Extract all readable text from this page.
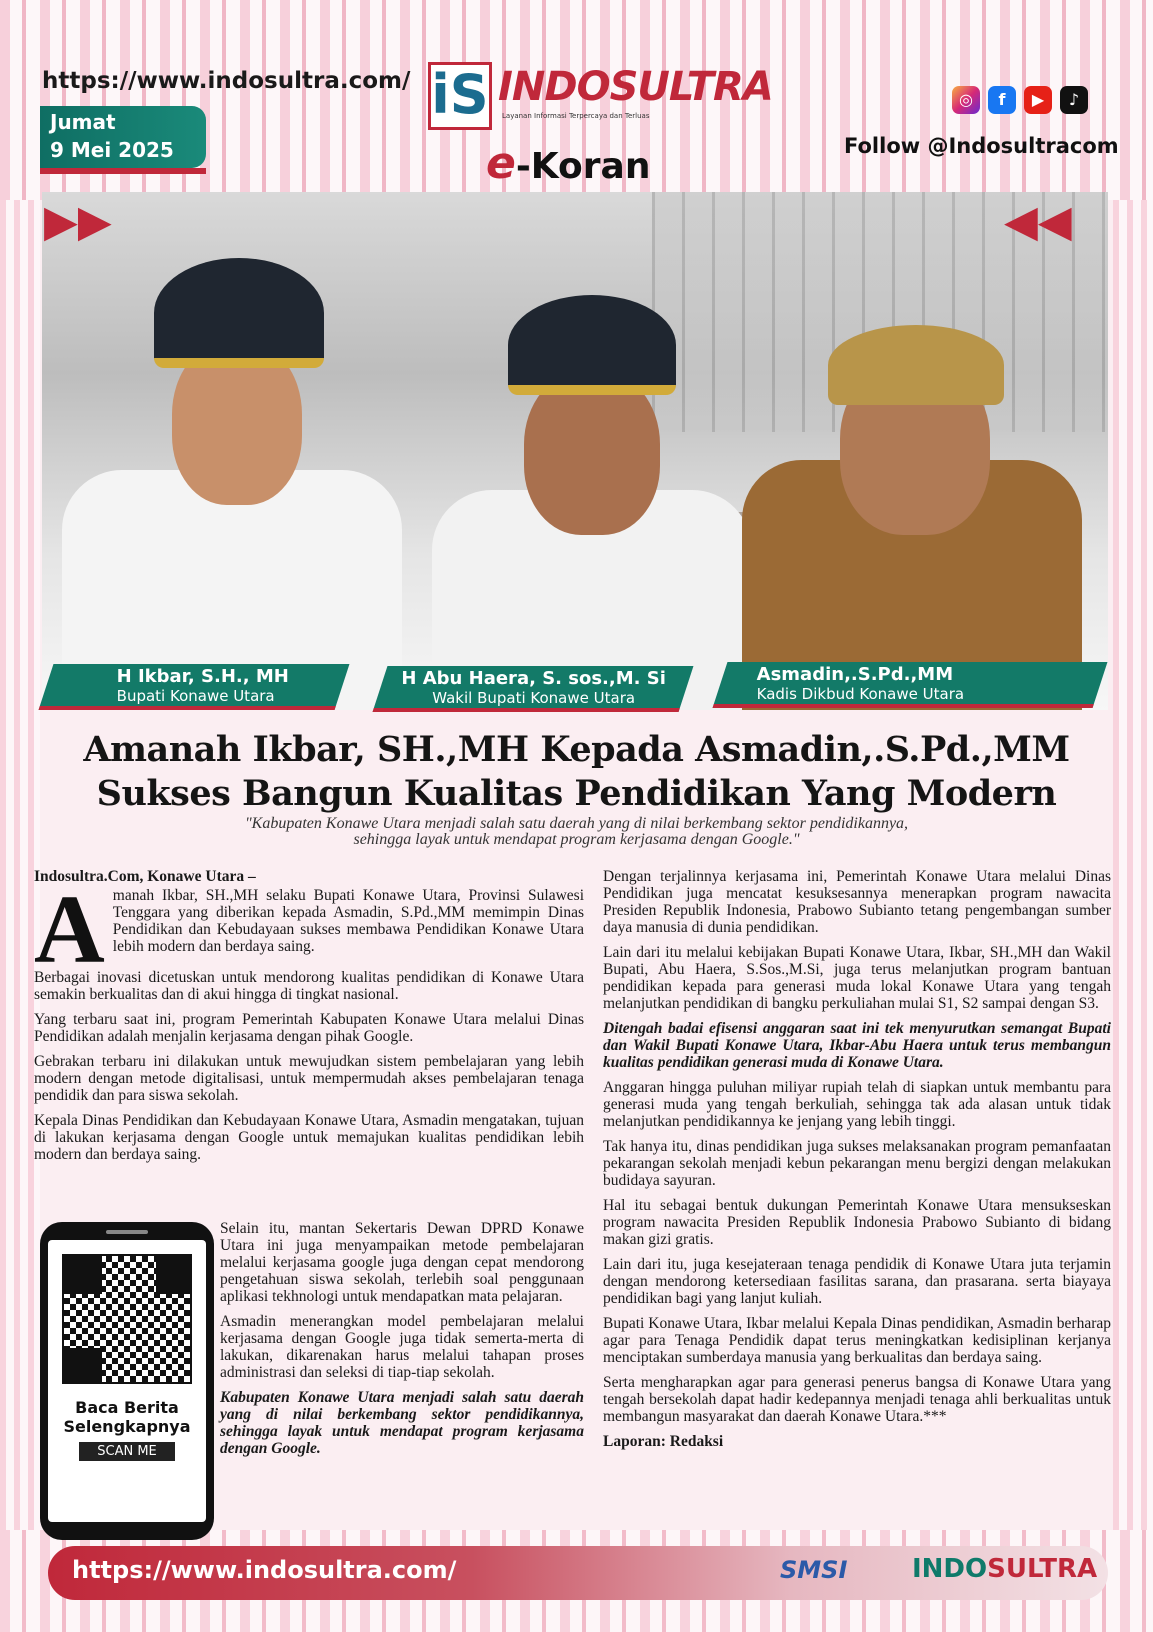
https://www.indosultra.com/
Jumat
9 Mei 2025
iS INDOSULTRA
Layanan Informasi Terpercaya dan Terluas
e-Koran
◎	f	▶	♪
Follow @Indosultracom
▶▶	◀◀
H Ikbar, S.H., MH
Bupati Konawe Utara
H Abu Haera, S. sos.,M. Si
Wakil Bupati Konawe Utara
Asmadin,.S.Pd.,MM
Kadis Dikbud Konawe Utara
Amanah Ikbar, SH.,MH Kepada Asmadin,.S.Pd.,MM
Sukses Bangun Kualitas Pendidikan Yang Modern
"Kabupaten Konawe Utara menjadi salah satu daerah yang di nilai berkembang sektor pendidikannya,
sehingga layak untuk mendapat program kerjasama dengan Google."

Indosultra.Com, Konawe Utara –

Amanah Ikbar, SH.,MH selaku Bupati Konawe Utara, Provinsi Sulawesi Tenggara yang diberikan kepada Asmadin, S.Pd.,MM memimpin Dinas Pendidikan dan Kebudayaan sukses membawa Pendidikan Konawe Utara lebih modern dan berdaya saing.

Berbagai inovasi dicetuskan untuk mendorong kualitas pendidikan di Konawe Utara semakin berkualitas dan di akui hingga di tingkat nasional.

Yang terbaru saat ini, program Pemerintah Kabupaten Konawe Utara melalui Dinas Pendidikan adalah menjalin kerjasama dengan pihak Google.

Gebrakan terbaru ini dilakukan untuk mewujudkan sistem pembelajaran yang lebih modern dengan metode digitalisasi, untuk mempermudah akses pembelajaran tenaga pendidik dan para siswa sekolah.

Kepala Dinas Pendidikan dan Kebudayaan Konawe Utara, Asmadin mengatakan, tujuan di lakukan kerjasama dengan Google untuk memajukan kualitas pendidikan lebih modern dan berdaya saing.

Selain itu, mantan Sekertaris Dewan DPRD Konawe Utara ini juga menyampaikan metode pembelajaran melalui kerjasama google juga dengan cepat mendorong pengetahuan siswa sekolah, terlebih soal penggunaan aplikasi tekhnologi untuk mendapatkan mata pelajaran.

Asmadin menerangkan model pembelajaran melalui kerjasama dengan Google juga tidak semerta-merta di lakukan, dikarenakan harus melalui tahapan proses administrasi dan seleksi di tiap-tiap sekolah.

Kabupaten Konawe Utara menjadi salah satu daerah yang di nilai berkembang sektor pendidikannya, sehingga layak untuk mendapat program kerjasama dengan Google.

Baca Berita
Selengkapnya
SCAN ME

Dengan terjalinnya kerjasama ini, Pemerintah Konawe Utara melalui Dinas Pendidikan juga mencatat kesuksesannya menerapkan program nawacita Presiden Republik Indonesia, Prabowo Subianto tetang pengembangan sumber daya manusia di dunia pendidikan.

Lain dari itu melalui kebijakan Bupati Konawe Utara, Ikbar, SH.,MH dan Wakil Bupati, Abu Haera, S.Sos.,M.Si, juga terus melanjutkan program bantuan pendidikan kepada para generasi muda lokal Konawe Utara yang tengah melanjutkan pendidikan di bangku perkuliahan mulai S1, S2 sampai dengan S3.

Ditengah badai efisensi anggaran saat ini tek menyurutkan semangat Bupati dan Wakil Bupati Konawe Utara, Ikbar-Abu Haera untuk terus membangun kualitas pendidikan generasi muda di Konawe Utara.

Anggaran hingga puluhan miliyar rupiah telah di siapkan untuk membantu para generasi muda yang tengah berkuliah, sehingga tak ada alasan untuk tidak melanjutkan pendidikannya ke jenjang yang lebih tinggi.

Tak hanya itu, dinas pendidikan juga sukses melaksanakan program pemanfaatan pekarangan sekolah menjadi kebun pekarangan menu bergizi dengan melakukan budidaya sayuran.

Hal itu sebagai bentuk dukungan Pemerintah Konawe Utara mensukseskan program nawacita Presiden Republik Indonesia Prabowo Subianto di bidang makan gizi gratis.

Lain dari itu, juga kesejateraan tenaga pendidik di Konawe Utara juta terjamin dengan mendorong ketersediaan fasilitas sarana, dan prasarana. serta biayaya pendidikan bagi yang lanjut kuliah.

Bupati Konawe Utara, Ikbar melalui Kepala Dinas pendidikan, Asmadin berharap agar para Tenaga Pendidik dapat terus meningkatkan kedisiplinan kerjanya menciptakan sumberdaya manusia yang berkualitas dan berdaya saing.

Serta mengharapkan agar para generasi penerus bangsa di Konawe Utara yang tengah bersekolah dapat hadir kedepannya menjadi tenaga ahli berkualitas untuk membangun masyarakat dan daerah Konawe Utara.***

Laporan: Redaksi

https://www.indosultra.com/	SMSI INDOSULTRA
